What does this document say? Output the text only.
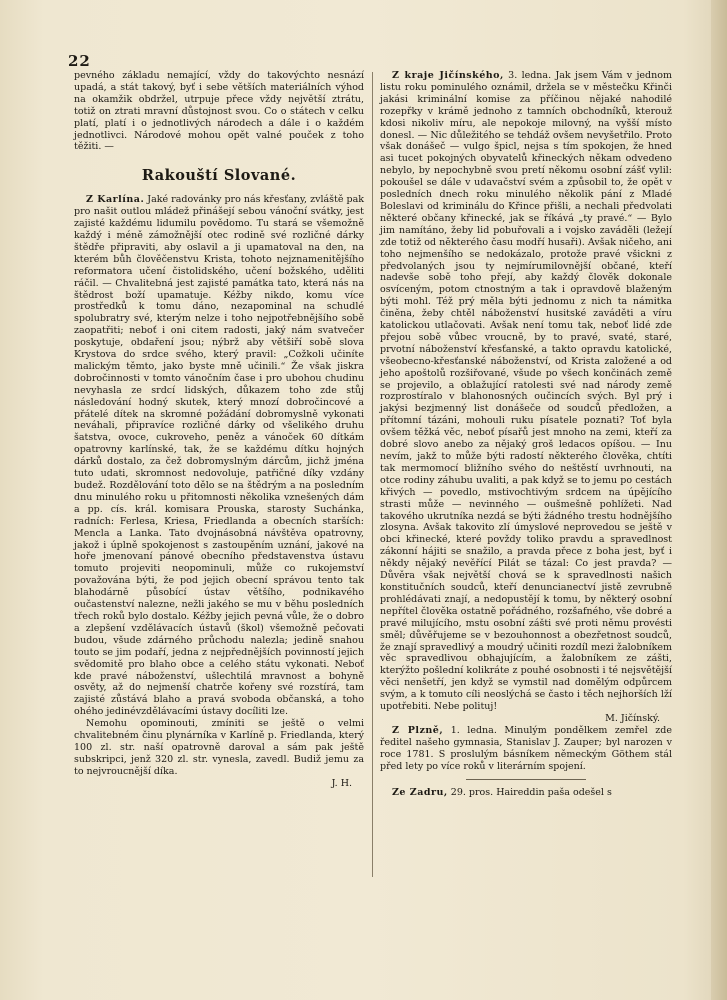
22

pevného základu nemající, vždy do takovýchto nesnází upadá, a stát takový, byť i sebe větších materiálních výhod na okamžik obdržel, utrpuje přece vždy největší ztrátu, totiž on ztrati mravní důstojnost svou. Co o státech v celku platí, platí i o jednotlivých národech a dále i o každém jednotlivci. Národové mohou opět valné pouček z toho těžiti. —

Rakouští Slované.

Z Karlína. Jaké radovánky pro nás křesťany, zvláště pak pro našit outlou mládež přinášejí sebou vánoční svátky, jest zajisté každému lidumilu povědomo. Tu stará se všemožně každý i méně zámožnější otec rodině své rozličné dárky štědře připraviti, aby oslavil a ji upamatoval na den, na kterém bůh člověčenstvu Krista, tohoto nejznamenitějšího reformatora učení čistolidského, učení božského, uděliti ráčil. — Chvalitebná jest zajisté památka tato, která nás na štědrost boží upamatuje. Kéžby nikdo, komu více prostředků k tomu dáno, nezapominal na schudlé spolubratry své, kterým nelze i toho nejpotřebnějšího sobě zaopatřiti; neboť i oni citem radosti, jaký nám svatvečer poskytuje, obdaření jsou; nýbrž aby většiří sobě slova Krystova do srdce svého, který pravil: „Cožkoli učiníte malickým těmto, jako byste mně učinili.“ Že však jiskra dobročinnosti v tomto vánočním čase i pro ubohou chudinu nevyhasla ze srdcí lidských, důkazem toho zde stůj následování hodný skutek, který mnozí dobročincové a přátelé dítek na skromné požádání dobromyslně vykonati neváhali, připravíce rozličné dárky od všelikého druhu šatstva, ovoce, cukroveho, peněz a vánoček 60 dítkám opatrovny karlínské, tak, že se každému dítku hojných dárků dostalo, za čež dobromyslným dárcům, jichž jména tuto udati, skromnost nedovoluje, patřičné díky vzdány budež. Rozdělování toto dělo se na štědrým a na posledním dnu minulého roku u přitomnosti několika vznešených dám a pp. cís. král. komisara Prouska, starosty Suchánka, radních: Ferlesa, Kriesa, Friedlanda a obecních starších: Mencla a Lanka. Tato dvojnásobná návštěva opatrovny, jakož i úplně spokojenost s zastoupěním uznání, jakové na hoře jmenovaní pánové obecního představenstva ústavu tomuto projeviti neopominuli, může co rukojemství považována býti, že pod jejich obecní správou tento tak blahodárně působící ústav většího, podnikavého oučastenství nalezne, nežli jakého se mu v běhu posledních třech roků bylo dostalo. Kéžby jejich pevná vůle, že o dobro a zlepšení vzdělávacích ústavů (škol) všemožně pečovati budou, všude zdárného průchodu nalezla; jedině snahou touto se jim podaří, jedna z nejpřednějších povinností jejich svědomitě pro blaho obce a celého státu vykonati. Neboť kde pravé náboženství, ušlechtilá mravnost a bohyně osvěty, až do nejmenší chatrče kořeny své rozstírá, tam zajisté zůstává blaho a pravá svoboda občanská, a toho ohého jedinévzdělávacími ústavy docíliti lze.

Nemohu opominouti, zmíniti se ještě o velmi chvalitebném činu plynárníka v Karlíně p. Friedlanda, který 100 zl. str. naší opatrovně daroval a sám pak ještě subskripci, jenž 320 zl. str. vynesla, zavedl. Budiž jemu za to nejvroucnější díka.

J. H.

Z kraje Jičínského, 3. ledna. Jak jsem Vám v jednom listu roku pominulého oznámil, držela se v městečku Křinči jakási kriminální komise za příčinou nějaké nahodilé rozepřky v krámě jednoho z tamních obchodníků, kterouž kdosi nikoliv míru, ale nepokoje milovný, na vyšší místo donesl. — Nic důležitého se tehdáž ovšem nevyšetřilo. Proto však donášeč — vulgo špicl, nejsa s tím spokojen, že hned asi tucet pokojných obyvatelů křineckých někam odvedeno nebylo, by nepochybně svou pretí někomu osobní zášť vylil: pokoušel se dále v udavačství svém a způsobil to, že opět v posledních dnech roku minulého několik pání z Mladé Boleslavi od kriminálu do Křince přišli, a nechali předvolati některé občany křinecké, jak se říkává „ty pravé.“ — Bylo jim namítáno, žeby lid pobuřovali a i vojsko zaváděli (ležejí zde totiž od některého času modří husaři). Avšak ničeho, ani toho nejmenšího se nedokázalo, protože pravé všickni z předvolaných jsou ty nejmírumilovnější občané, kteří nadevše sobě toho přejí, aby každý člověk dokonale osvíceným, potom ctnostným a tak i opravdově blaženým býti mohl. Též prý měla býti jednomu z nich ta námitka činěna, žeby chtěl náboženství husitské zaváděti a víru katolickou utlačovati. Avšak není tomu tak, neboť lidé zde přejou sobě vůbec vroucně, by to pravé, svaté, staré, prvotní náboženství křesťanské, a takto opravdu katolické, všeobecno-křesťanské náboženství, od Krista založené a od jeho apoštolů rozšiřované, všude po všech končinách země se projevilo, a oblažující ratolesti své nad národy země rozprostíralo v blahonosných oučincích svých. Byl prý i jakýsi bezjmenný list donášeče od soudců předložen, a přítomní tázáni, mohouli ruku písatele poznati? Toť byla ovšem těžká věc, neboť písařů jest mnoho na zemi, kteří za dobré slovo anebo za nějaký groš ledacos opíšou. — Inu nevím, jakž to může býti radostí některého člověka, chtíti tak mermomocí bližního svého do neštěstí uvrhnouti, na otce rodiny záhubu uvaliti, a pak když se to jemu po cestách křivých — povedlo, mstivochtivým srdcem na úpějícího strasti může — nevinného — oušmešně pohlížeti. Nad takového ukrutníka nezdá se býti žádného trestu hodnějšího zlosyna. Avšak takovito zlí úmyslové neprovedou se ještě v obci křinecké, které povždy toliko pravdu a spravedlnost zákonní hájiti se snažilo, a pravda přece z boha jest, byť i někdy nějaký nevěřící Pilát se tázal: Co jest pravda? — Důvěra však největší chová se k spravedlnosti našich konstitučních soudců, kteří denuncianectví jistě zevrubně prohlédávati znají, a nedopustějí k tomu, by některý osobní nepřítel člověka ostatně pořádného, rozšafného, vše dobré a pravé milujícího, mstu osobní zášti své proti němu provésti směl; důvěřujeme se v bezouhonnost a obezřetnost soudců, že znají spravedlivý a moudrý učiniti rozdíl mezi žalobníkem věc spravedlivou obhajujícím, a žalobníkem ze zášti, kterýžto pošlední kolikráte z pouhé osobnosti i té nejsvětější věci nenšetří, jen když se vymstil nad domělým odpůrcem svým, a k tomuto cíli neoslýchá se často i těch nejhorších lží upotřebiti. Nebe polituj!

M. Jičínský.

Z Plzně, 1. ledna. Minulým pondělkem zemřel zde ředitel našeho gymnasia, Stanislav J. Zauper; byl narozen v roce 1781. S proslulým básníkem německým Göthem stál před lety po více roků v literárním spojení.

Ze Zadru, 29. pros. Haireddin paša odešel s
